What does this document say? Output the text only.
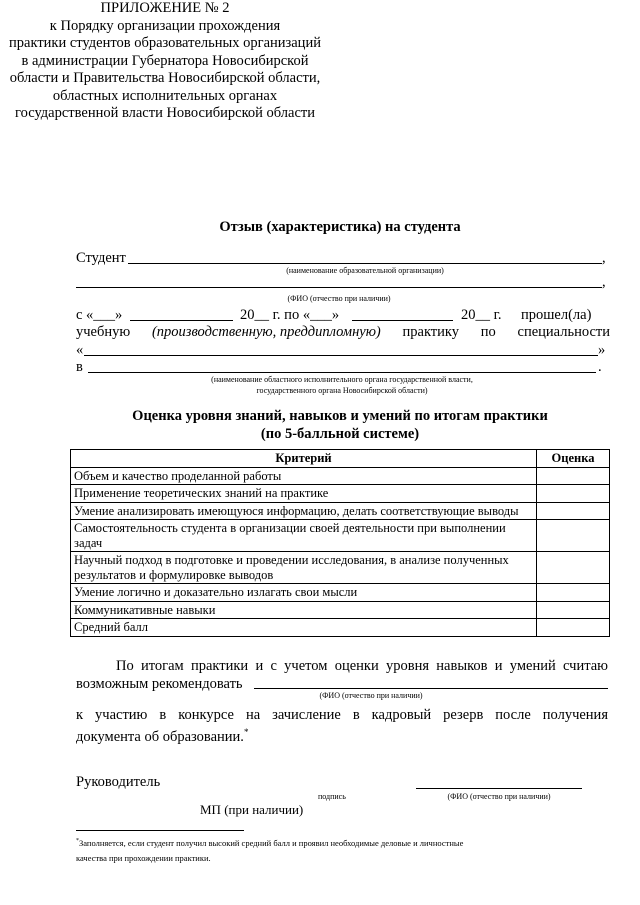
ПРИЛОЖЕНИЕ № 2
к Порядку организации прохождения
практики студентов образовательных организаций
в администрации Губернатора Новосибирской
области и Правительства Новосибирской области,
областных исполнительных органах
государственной власти Новосибирской области
Отзыв (характеристика) на студента
Студент	,
(наименование образовательной организации)
,
(ФИО (отчество при наличии)
с «___»	20__ г. по «___»	20__ г. прошел(ла)
учебную (производственную, преддипломную) практику по специальности
«	»
в	.
(наименование областного исполнительного органа государственной власти,
государственного органа Новосибирской области)
Оценка уровня знаний, навыков и умений по итогам практики
(по 5-балльной системе)
Критерий	Оценка
Объем и качество проделанной работы	
Применение теоретических знаний на практике	
Умение анализировать имеющуюся информацию, делать соответствующие выводы	
Самостоятельность студента в организации своей деятельности при выполнении задач	
Научный подход в подготовке и проведении исследования, в анализе полученных результатов и формулировке выводов	
Умение логично и доказательно излагать свои мысли	
Коммуникативные навыки	
Средний балл	
По итогам практики и с учетом оценки уровня навыков и умений считаю
возможным рекомендовать
(ФИО (отчество при наличии)
к участию в конкурсе на зачисление в кадровый резерв после получения
документа об образовании.*
Руководитель
подпись	(ФИО (отчество при наличии)
МП (при наличии)
*Заполняется, если студент получил высокий средний балл и проявил необходимые деловые и личностные
качества при прохождении практики.
